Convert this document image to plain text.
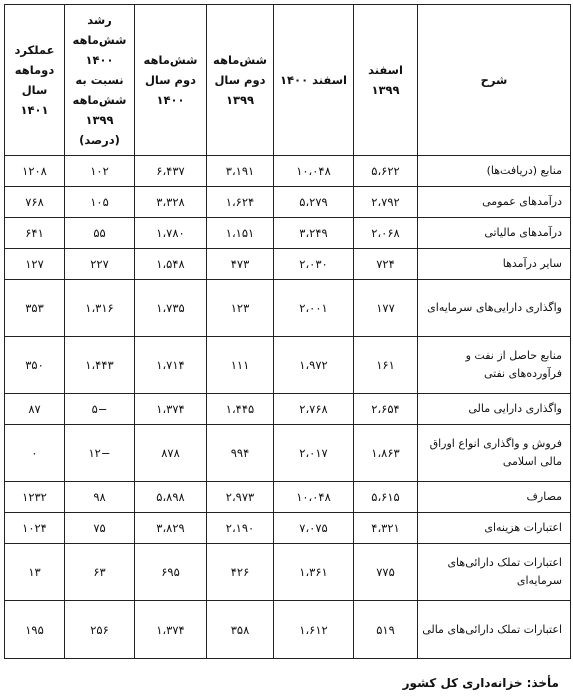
شرح	اسفند ۱۳۹۹	اسفند ۱۴۰۰	شش‌ماهه دوم سال ۱۳۹۹	شش‌ماهه دوم سال ۱۴۰۰	رشد شش‌ماهه ۱۴۰۰ نسبت به شش‌ماهه ۱۳۹۹ (درصد)	عملکرد دوماهه سال ۱۴۰۱
منابع (دریافت‌ها)	۵،۶۲۲	۱۰،۰۴۸	۳،۱۹۱	۶،۴۳۷	۱۰۲	۱۲۰۸
درآمدهای عمومی	۲،۷۹۲	۵،۲۷۹	۱،۶۲۴	۳،۳۲۸	۱۰۵	۷۶۸
درآمدهای مالیاتی	۲،۰۶۸	۳،۲۴۹	۱،۱۵۱	۱،۷۸۰	۵۵	۶۴۱
سایر درآمدها	۷۲۴	۲،۰۳۰	۴۷۳	۱،۵۴۸	۲۲۷	۱۲۷
واگذاری دارایی‌های سرمایه‌ای	۱۷۷	۲،۰۰۱	۱۲۳	۱،۷۳۵	۱،۳۱۶	۳۵۳
منابع حاصل از نفت و فرآورده‌های نفتی	۱۶۱	۱،۹۷۲	۱۱۱	۱،۷۱۴	۱،۴۴۳	۳۵۰
واگذاری دارایی مالی	۲،۶۵۴	۲،۷۶۸	۱،۴۴۵	۱،۳۷۴	−۵	۸۷
فروش و واگذاری انواع اوراق مالی اسلامی	۱،۸۶۳	۲،۰۱۷	۹۹۴	۸۷۸	−۱۲	۰
مصارف	۵،۶۱۵	۱۰،۰۴۸	۲،۹۷۳	۵،۸۹۸	۹۸	۱۲۳۲
اعتبارات هزینه‌ای	۴،۳۲۱	۷،۰۷۵	۲،۱۹۰	۳،۸۲۹	۷۵	۱۰۲۴
اعتبارات تملک دارائی‌های سرمایه‌ای	۷۷۵	۱،۳۶۱	۴۲۶	۶۹۵	۶۳	۱۳
اعتبارات تملک دارائی‌های مالی	۵۱۹	۱،۶۱۲	۳۵۸	۱،۳۷۴	۲۵۶	۱۹۵
مأخذ: خزانه‌داری کل کشور
